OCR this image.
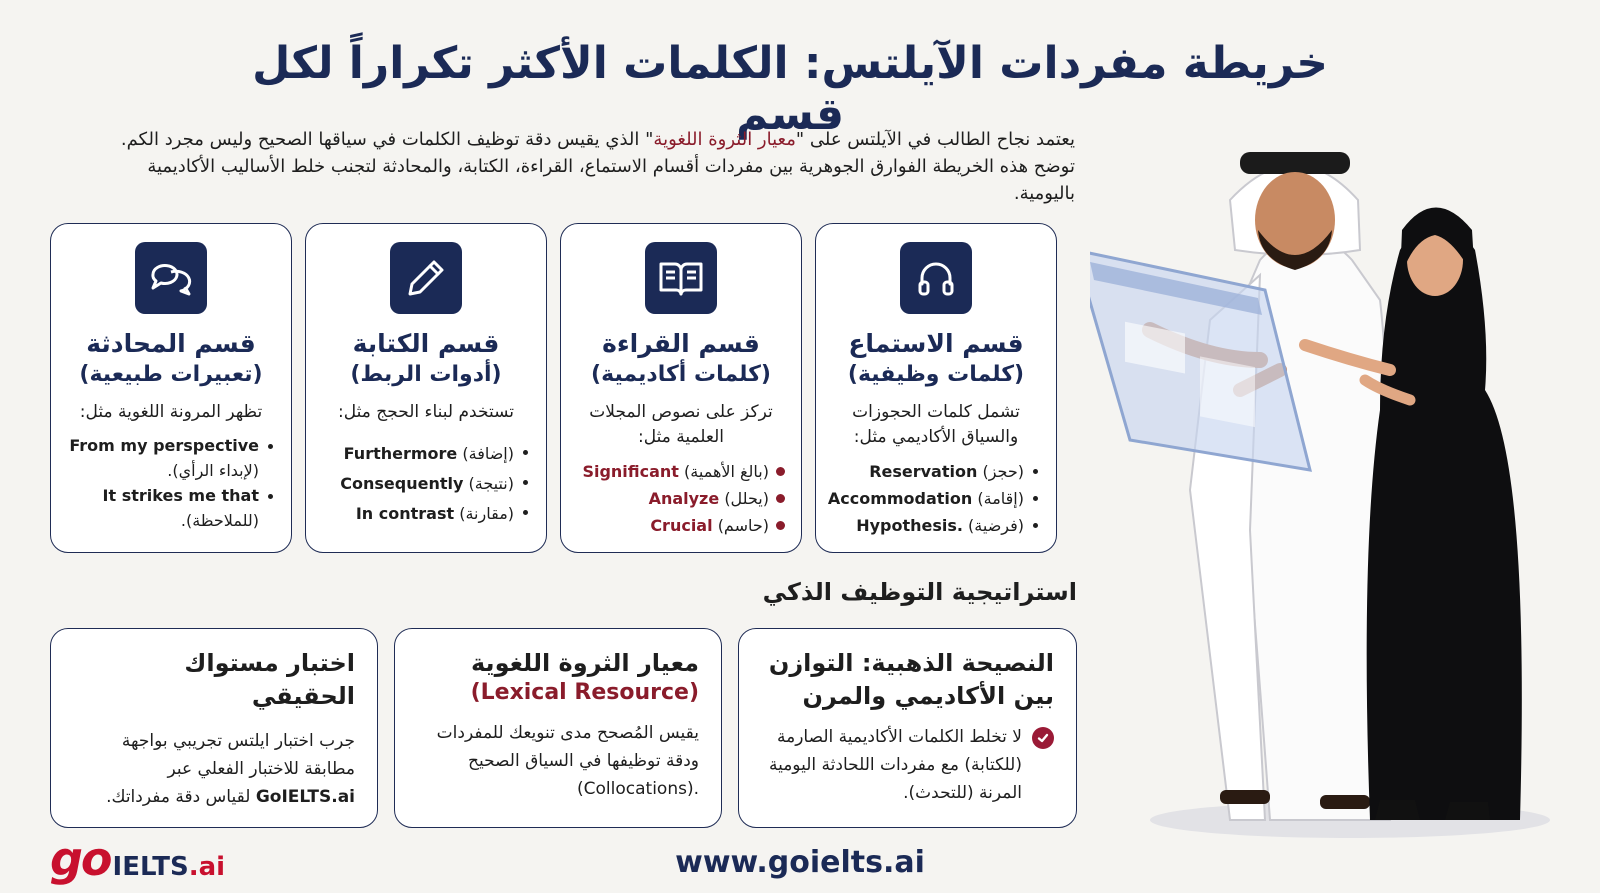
خريطة مفردات الآيلتس: الكلمات الأكثر تكراراً لكل قسم

يعتمد نجاح الطالب في الآيلتس على "معيار الثروة اللغوية" الذي يقيس دقة توظيف الكلمات في سياقها الصحيح وليس مجرد الكم. توضح هذه الخريطة الفوارق الجوهرية بين مفردات أقسام الاستماع، القراءة، الكتابة، والمحادثة لتجنب خلط الأساليب الأكاديمية باليومية.

قسم الاستماع
(كلمات وظيفية)
تشمل كلمات الحجوزات والسياق الأكاديمي مثل:
(حجز) Reservation
(إقامة) Accommodation
(فرضية) Hypothesis.
قسم القراءة
(كلمات أكاديمية)
تركز على نصوص المجلات العلمية مثل:
(بالغ الأهمية) Significant
(يحلل) Analyze
(حاسم) Crucial
قسم الكتابة
(أدوات الربط)
تستخدم لبناء الحجج مثل:
(إضافة) Furthermore
(نتيجة) Consequently
(مقارنة) In contrast
قسم المحادثة
(تعبيرات طبيعية)
تظهر المرونة اللغوية مثل:
From my perspective
(لإبداء الرأي).
It strikes me that
(للملاحظة).
استراتيجية التوظيف الذكي
النصيحة الذهبية: التوازن بين الأكاديمي والمرن
لا تخلط الكلمات الأكاديمية الصارمة (للكتابة) مع مفردات اللحادثة اليومية المرنة (للتحدث).
معيار الثروة اللغوية
(Lexical Resource)
يقيس المُصحح مدى تنويعك للمفردات ودقة توظيفها في السياق الصحيح (Collocations).
اختبار مستواك الحقيقي
جرب اختبار ايلتس تجريبي بواجهة مطابقة للاختبار الفعلي عبر GoIELTS.ai لقياس دقة مفرداتك.
go IELTS .ai	www.goielts.ai
